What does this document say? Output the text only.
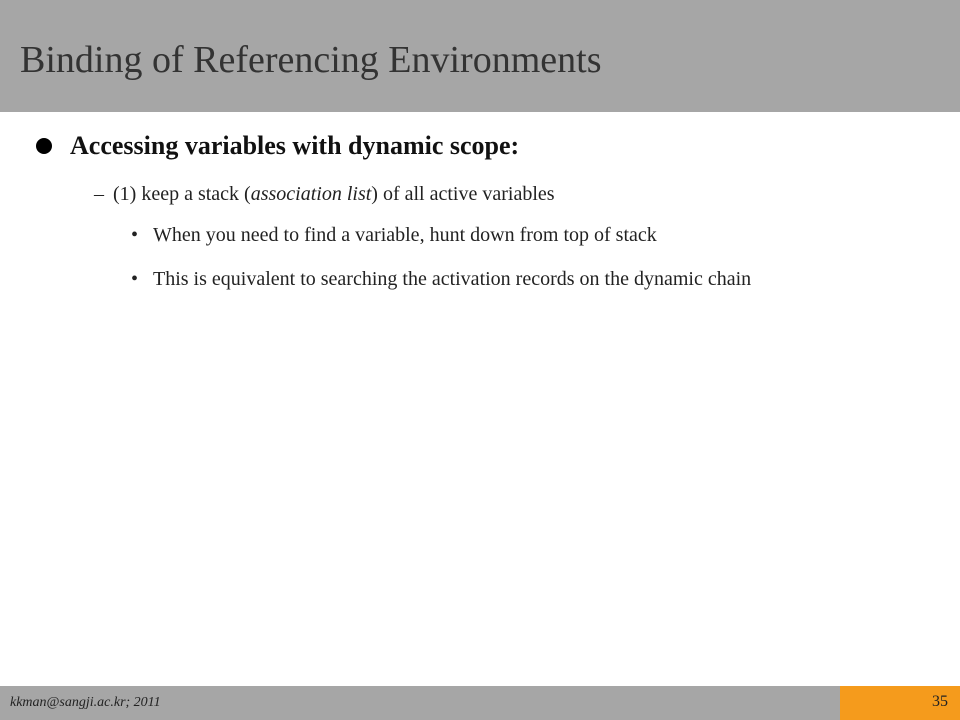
Binding of Referencing Environments
Accessing variables with dynamic scope:
– (1) keep a stack (association list) of all active variables
• When you need to find a variable, hunt down from top of stack
• This is equivalent to searching the activation records on the dynamic chain
kkman@sangji.ac.kr; 2011	35
